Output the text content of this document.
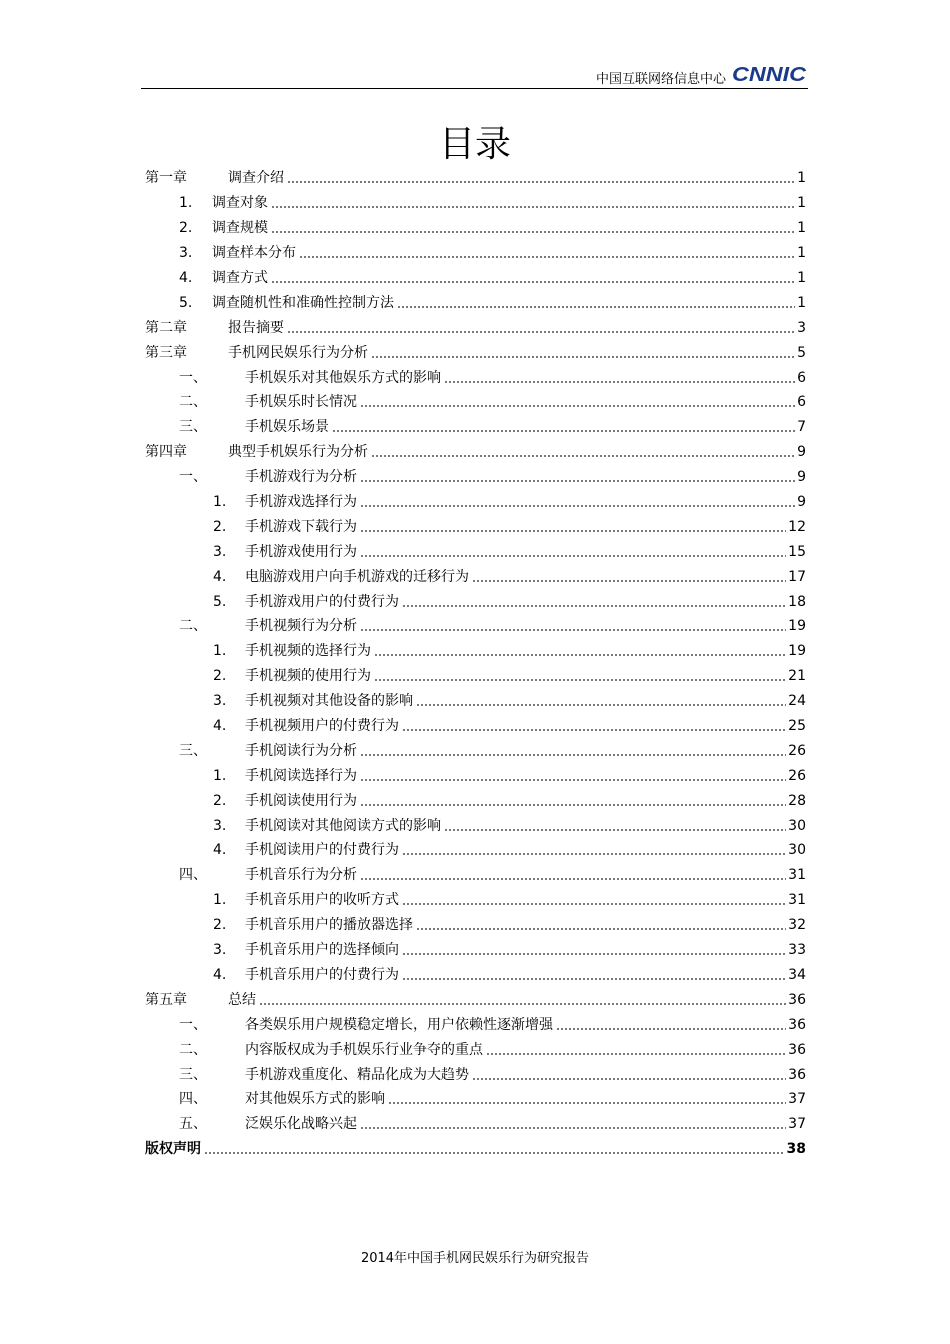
中国互联网络信息中心 CNNIC
目录
第一章	调查介绍	1
1. 调查对象	1
2. 调查规模	1
3. 调查样本分布	1
4. 调查方式	1
5. 调查随机性和准确性控制方法	1
第二章	报告摘要	3
第三章	手机网民娱乐行为分析	5
一、	手机娱乐对其他娱乐方式的影响	6
二、	手机娱乐时长情况	6
三、	手机娱乐场景	7
第四章	典型手机娱乐行为分析	9
一、	手机游戏行为分析	9
1. 手机游戏选择行为	9
2. 手机游戏下载行为	12
3. 手机游戏使用行为	15
4. 电脑游戏用户向手机游戏的迁移行为	17
5. 手机游戏用户的付费行为	18
二、	手机视频行为分析	19
1. 手机视频的选择行为	19
2. 手机视频的使用行为	21
3. 手机视频对其他设备的影响	24
4. 手机视频用户的付费行为	25
三、	手机阅读行为分析	26
1. 手机阅读选择行为	26
2. 手机阅读使用行为	28
3. 手机阅读对其他阅读方式的影响	30
4. 手机阅读用户的付费行为	30
四、	手机音乐行为分析	31
1. 手机音乐用户的收听方式	31
2. 手机音乐用户的播放器选择	32
3. 手机音乐用户的选择倾向	33
4. 手机音乐用户的付费行为	34
第五章	总结	36
一、	各类娱乐用户规模稳定增长，用户依赖性逐渐增强	36
二、	内容版权成为手机娱乐行业争夺的重点	36
三、	手机游戏重度化、精品化成为大趋势	36
四、	对其他娱乐方式的影响	37
五、	泛娱乐化战略兴起	37
版权声明	38
2014年中国手机网民娱乐行为研究报告
